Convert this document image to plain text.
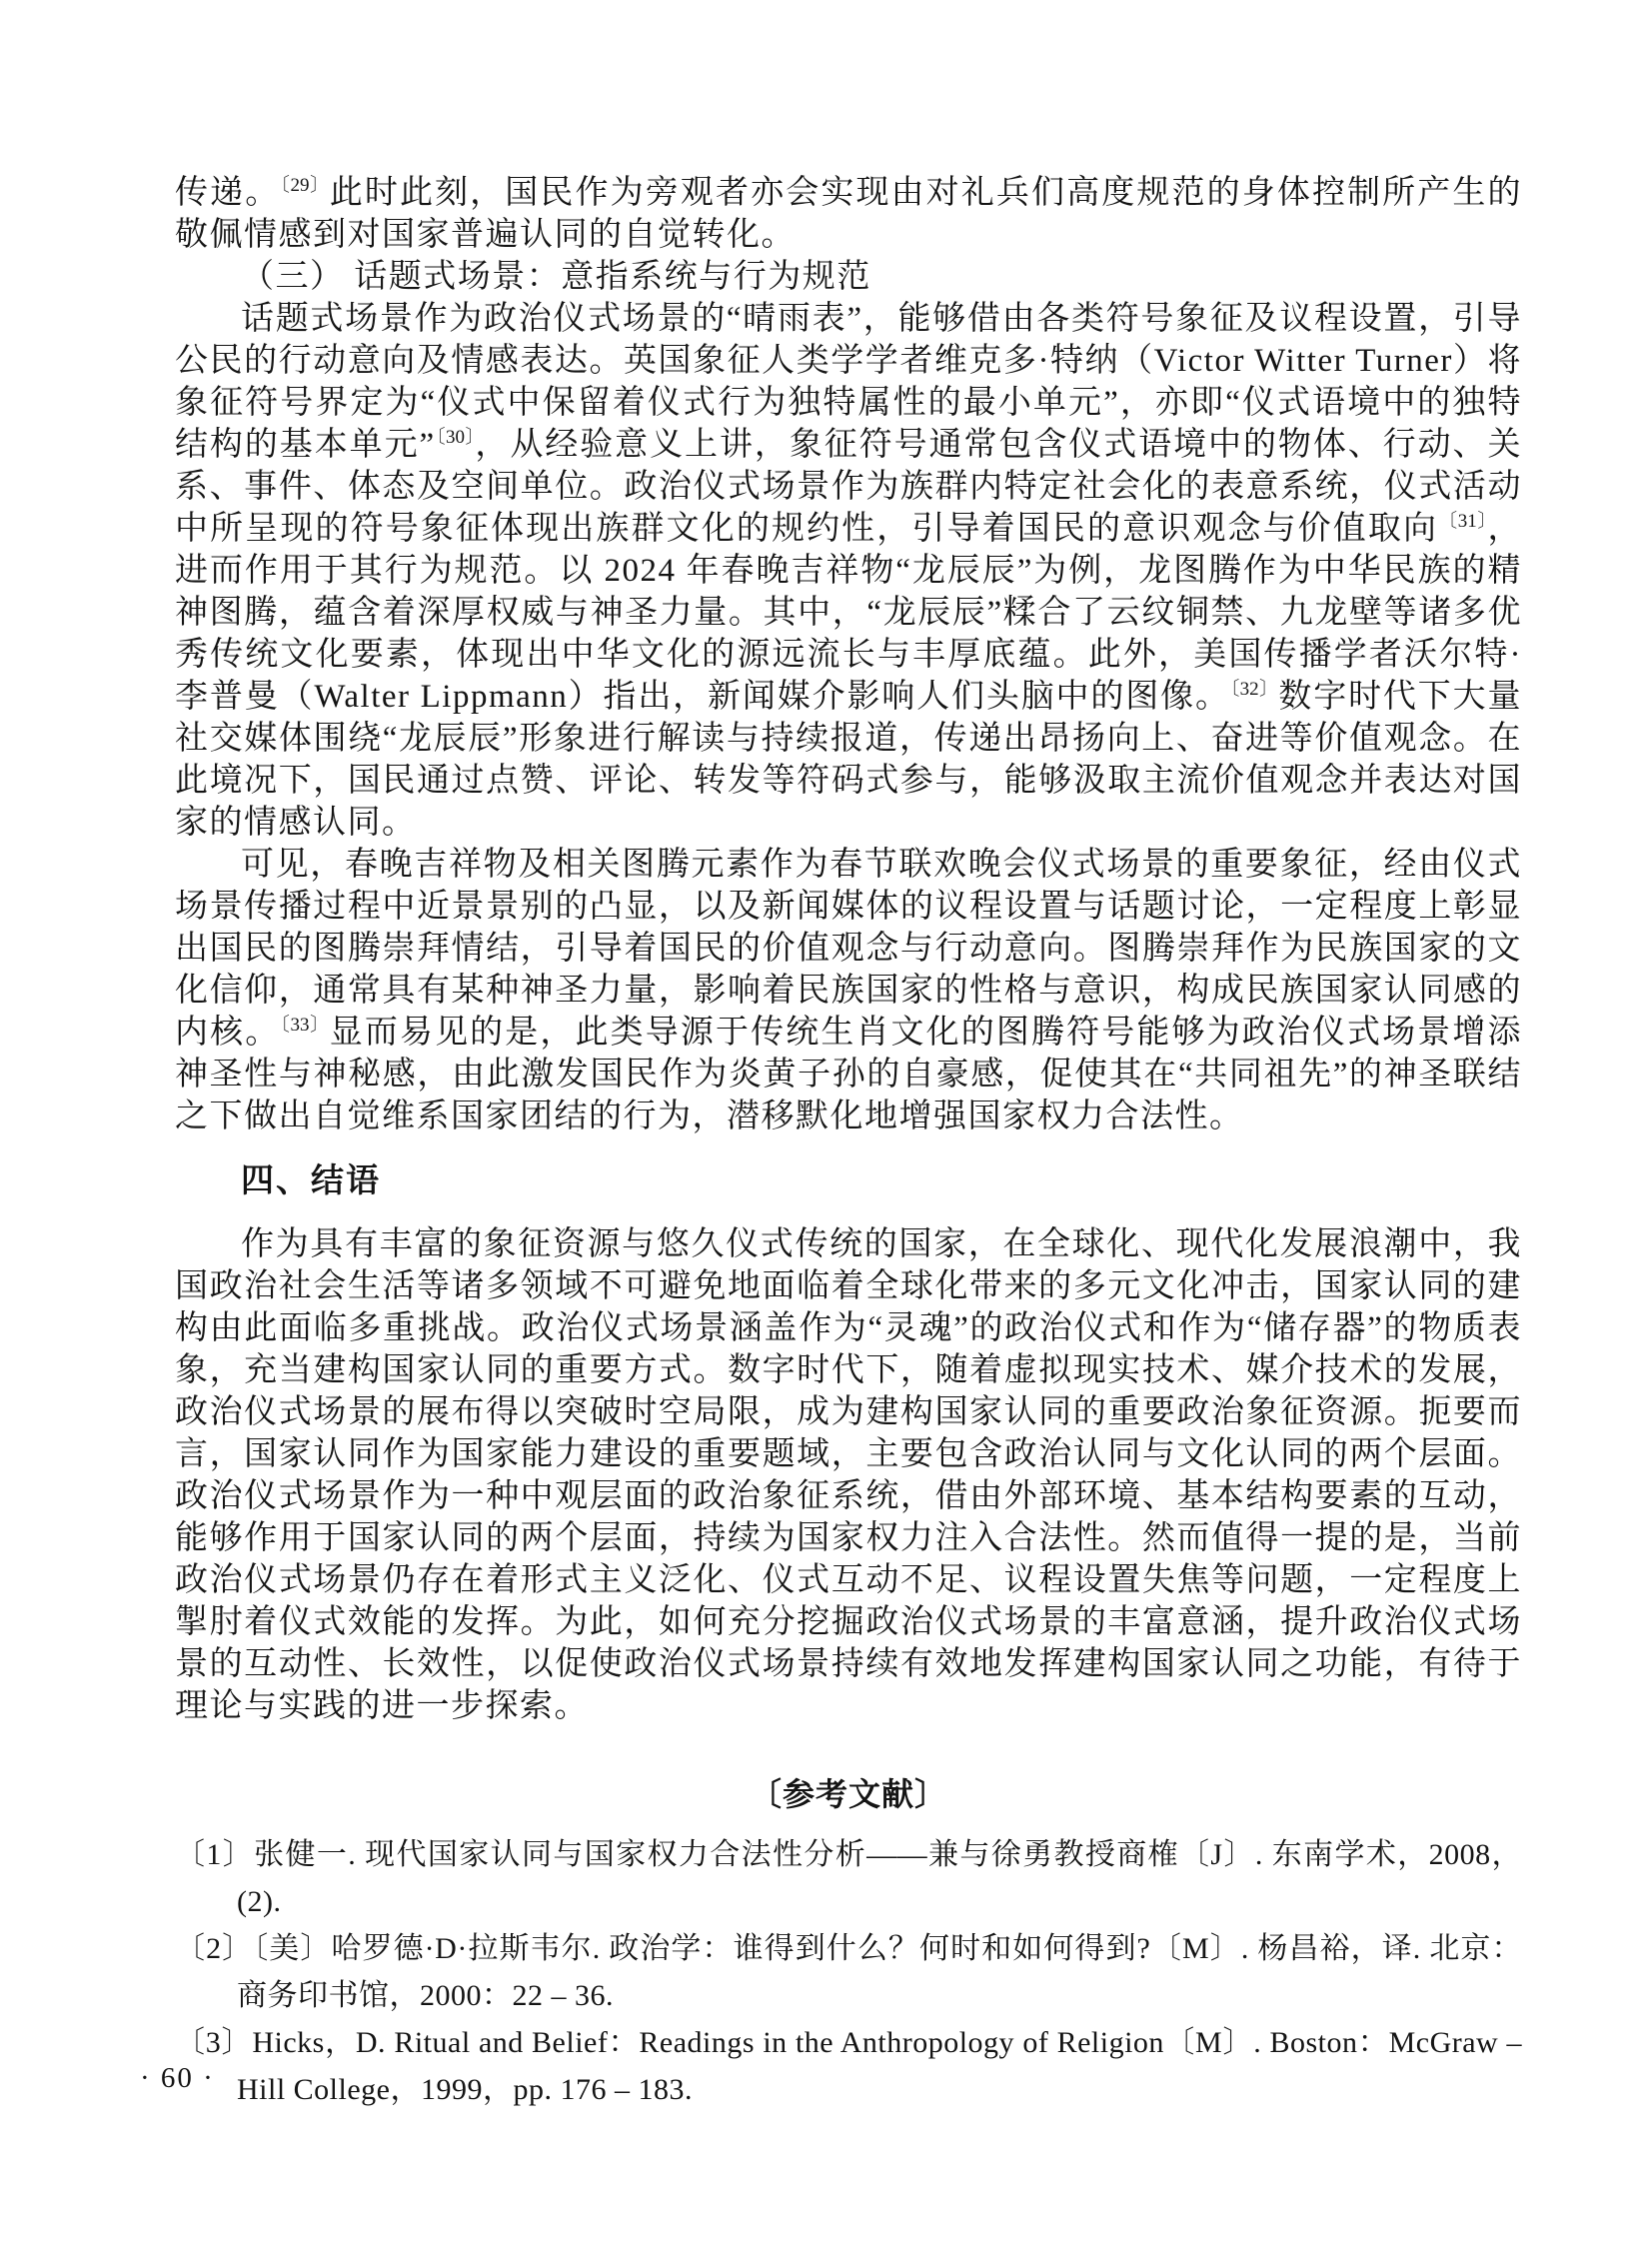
传递。$^{〔29〕}$此时此刻，国民作为旁观者亦会实现由对礼兵们高度规范的身体控制所产生的敬佩情感到对国家普遍认同的自觉转化。

（三） 话题式场景：意指系统与行为规范

话题式场景作为政治仪式场景的“晴雨表”，能够借由各类符号象征及议程设置，引导公民的行动意向及情感表达。英国象征人类学学者维克多·特纳（Victor Witter Turner）将象征符号界定为“仪式中保留着仪式行为独特属性的最小单元”，亦即“仪式语境中的独特结构的基本单元”$^{〔30〕}$，从经验意义上讲，象征符号通常包含仪式语境中的物体、行动、关系、事件、体态及空间单位。政治仪式场景作为族群内特定社会化的表意系统，仪式活动中所呈现的符号象征体现出族群文化的规约性，引导着国民的意识观念与价值取向$^{〔31〕}$，进而作用于其行为规范。以 2024 年春晚吉祥物“龙辰辰”为例，龙图腾作为中华民族的精神图腾，蕴含着深厚权威与神圣力量。其中，“龙辰辰”糅合了云纹铜禁、九龙壁等诸多优秀传统文化要素，体现出中华文化的源远流长与丰厚底蕴。此外，美国传播学者沃尔特·李普曼（Walter Lippmann）指出，新闻媒介影响人们头脑中的图像。$^{〔32〕}$数字时代下大量社交媒体围绕“龙辰辰”形象进行解读与持续报道，传递出昂扬向上、奋进等价值观念。在此境况下，国民通过点赞、评论、转发等符码式参与，能够汲取主流价值观念并表达对国家的情感认同。

可见，春晚吉祥物及相关图腾元素作为春节联欢晚会仪式场景的重要象征，经由仪式场景传播过程中近景景别的凸显，以及新闻媒体的议程设置与话题讨论，一定程度上彰显出国民的图腾崇拜情结，引导着国民的价值观念与行动意向。图腾崇拜作为民族国家的文化信仰，通常具有某种神圣力量，影响着民族国家的性格与意识，构成民族国家认同感的内核。$^{〔33〕}$显而易见的是，此类导源于传统生肖文化的图腾符号能够为政治仪式场景增添神圣性与神秘感，由此激发国民作为炎黄子孙的自豪感，促使其在“共同祖先”的神圣联结之下做出自觉维系国家团结的行为，潜移默化地增强国家权力合法性。

四、结语

作为具有丰富的象征资源与悠久仪式传统的国家，在全球化、现代化发展浪潮中，我国政治社会生活等诸多领域不可避免地面临着全球化带来的多元文化冲击，国家认同的建构由此面临多重挑战。政治仪式场景涵盖作为“灵魂”的政治仪式和作为“储存器”的物质表象，充当建构国家认同的重要方式。数字时代下，随着虚拟现实技术、媒介技术的发展，政治仪式场景的展布得以突破时空局限，成为建构国家认同的重要政治象征资源。扼要而言，国家认同作为国家能力建设的重要题域，主要包含政治认同与文化认同的两个层面。政治仪式场景作为一种中观层面的政治象征系统，借由外部环境、基本结构要素的互动，能够作用于国家认同的两个层面，持续为国家权力注入合法性。然而值得一提的是，当前政治仪式场景仍存在着形式主义泛化、仪式互动不足、议程设置失焦等问题，一定程度上掣肘着仪式效能的发挥。为此，如何充分挖掘政治仪式场景的丰富意涵，提升政治仪式场景的互动性、长效性，以促使政治仪式场景持续有效地发挥建构国家认同之功能，有待于理论与实践的进一步探索。

〔参考文献〕

〔1〕张健一. 现代国家认同与国家权力合法性分析——兼与徐勇教授商榷〔J〕. 东南学术，2008，(2).

〔2〕〔美〕哈罗德·D·拉斯韦尔. 政治学：谁得到什么？何时和如何得到?〔M〕. 杨昌裕，译. 北京：商务印书馆，2000：22 – 36.

〔3〕Hicks，D. Ritual and Belief：Readings in the Anthropology of Religion〔M〕. Boston：McGraw – Hill College，1999，pp. 176 – 183.

· 60 ·
